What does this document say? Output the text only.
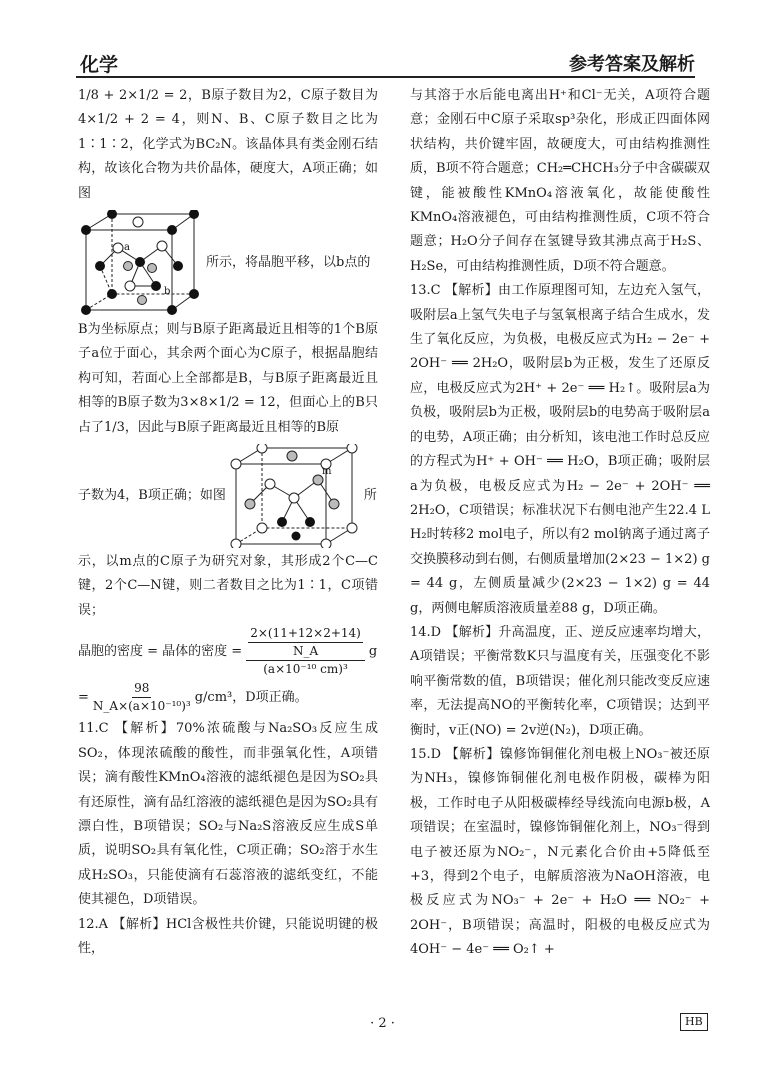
化学	参考答案及解析

1/8 + 2×1/2 = 2，B原子数目为2，C原子数目为4×1/2 + 2 = 4，则N、B、C原子数目之比为1∶1∶2，化学式为BC₂N。该晶体具有类金刚石结构，故该化合物为共价晶体，硬度大，A项正确；如图

a
b
所示，将晶胞平移，以b点的

B为坐标原点；则与B原子距离最近且相等的1个B原子a位于面心，其余两个面心为C原子，根据晶胞结构可知，若面心上全部都是B，与B原子距离最近且相等的B原子数为3×8×1/2 = 12，但面心上的B只占了1/3，因此与B原子距离最近且相等的B原

子数为4，B项正确；如图
m
所

示，以m点的C原子为研究对象，其形成2个C—C键，2个C—N键，则二者数目之比为1∶1，C项错误；

晶胞的密度 = 晶体的密度 = $\frac{\frac{2\times(11+12\times 2+14)}{N\_A}}{\text{(a×10⁻¹⁰ cm)³}}$ g
= $\frac{98}{\text{N\_A×(a×10⁻¹⁰)³}} g/cm^3$，D项正确。

11.C 【解析】70%浓硫酸与Na₂SO₃反应生成SO₂，体现浓硫酸的酸性，而非强氧化性，A项错误；滴有酸性KMnO₄溶液的滤纸褪色是因为SO₂具有还原性，滴有品红溶液的滤纸褪色是因为SO₂具有漂白性，B项错误；SO₂与Na₂S溶液反应生成S单质，说明SO₂具有氧化性，C项正确；SO₂溶于水生成H₂SO₃，只能使滴有石蕊溶液的滤纸变红，不能使其褪色，D项错误。

12.A 【解析】HCl含极性共价键，只能说明键的极性，

与其溶于水后能电离出H⁺和Cl⁻无关，A项符合题意；金刚石中C原子采取sp³杂化，形成正四面体网状结构，共价键牢固，故硬度大，可由结构推测性质，B项不符合题意；CH₂═CHCH₃分子中含碳碳双键，能被酸性KMnO₄溶液氧化，故能使酸性KMnO₄溶液褪色，可由结构推测性质，C项不符合题意；H₂O分子间存在氢键导致其沸点高于H₂S、H₂Se，可由结构推测性质，D项不符合题意。

13.C 【解析】由工作原理图可知，左边充入氢气，吸附层a上氢气失电子与氢氧根离子结合生成水，发生了氧化反应，为负极，电极反应式为H₂ − 2e⁻ + 2OH⁻ ══ 2H₂O，吸附层b为正极，发生了还原反应，电极反应式为2H⁺ + 2e⁻ ══ H₂↑。吸附层a为负极，吸附层b为正极，吸附层b的电势高于吸附层a的电势，A项正确；由分析知，该电池工作时总反应的方程式为H⁺ + OH⁻ ══ H₂O，B项正确；吸附层a为负极，电极反应式为H₂ − 2e⁻ + 2OH⁻ ══ 2H₂O，C项错误；标准状况下右侧电池产生22.4 L H₂时转移2 mol电子，所以有2 mol钠离子通过离子交换膜移动到右侧，右侧质量增加(2×23 − 1×2) g = 44 g，左侧质量减少(2×23 − 1×2) g = 44 g，两侧电解质溶液质量差88 g，D项正确。

14.D 【解析】升高温度，正、逆反应速率均增大，A项错误；平衡常数K只与温度有关，压强变化不影响平衡常数的值，B项错误；催化剂只能改变反应速率，无法提高NO的平衡转化率，C项错误；达到平衡时，v正(NO) = 2v逆(N₂)，D项正确。

15.D 【解析】镍修饰铜催化剂电极上NO₃⁻被还原为NH₃，镍修饰铜催化剂电极作阴极，碳棒为阳极，工作时电子从阳极碳棒经导线流向电源b极，A项错误；在室温时，镍修饰铜催化剂上，NO₃⁻得到电子被还原为NO₂⁻，N元素化合价由+5降低至+3，得到2个电子，电解质溶液为NaOH溶液，电极反应式为NO₃⁻ + 2e⁻ + H₂O ══ NO₂⁻ + 2OH⁻，B项错误；高温时，阳极的电极反应式为4OH⁻ − 4e⁻ ══ O₂↑ +

· 2 ·	HB
